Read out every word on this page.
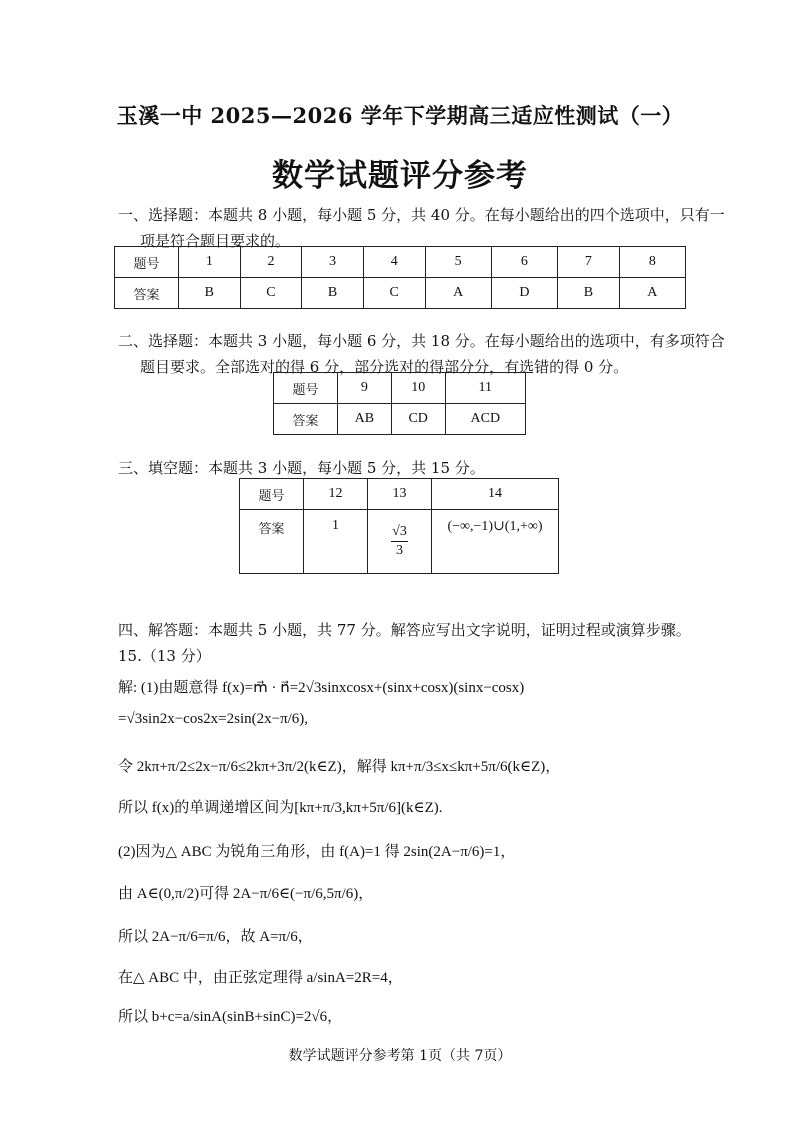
玉溪一中 2025—2026 学年下学期高三适应性测试（一）
数学试题评分参考
一、选择题：本题共 8 小题，每小题 5 分，共 40 分。在每小题给出的四个选项中，只有一
项是符合题目要求的。
题号	1	2	3	4	5	6	7	8
答案	B	C	B	C	A	D	B	A
二、选择题：本题共 3 小题，每小题 6 分，共 18 分。在每小题给出的选项中，有多项符合
题目要求。全部选对的得 6 分，部分选对的得部分分，有选错的得 0 分。
题号	9	10	11
答案	AB	CD	ACD
三、填空题：本题共 3 小题，每小题 5 分，共 15 分。
题号	12	13	14
答案	1	$\frac{√3}{3}$	(−∞,−1)∪(1,+∞)
四、解答题：本题共 5 小题，共 77 分。解答应写出文字说明，证明过程或演算步骤。
15.（13 分）
解: (1)由题意得 f(x)=m⃗ · n⃗=2√3sinxcosx+(sinx+cosx)(sinx−cosx)
=√3sin2x−cos2x=2sin(2x−π/6),
令 2kπ+π/2≤2x−π/6≤2kπ+3π/2(k∈Z)，解得 kπ+π/3≤x≤kπ+5π/6(k∈Z)，
所以 f(x)的单调递增区间为[kπ+π/3,kπ+5π/6](k∈Z).
(2)因为△ ABC 为锐角三角形，由 f(A)=1 得 2sin(2A−π/6)=1，
由 A∈(0,π/2)可得 2A−π/6∈(−π/6,5π/6)，
所以 2A−π/6=π/6，故 A=π/6，
在△ ABC 中，由正弦定理得 a/sinA=2R=4，
所以 b+c=a/sinA(sinB+sinC)=2√6，
数学试题评分参考第 1页（共 7页）
